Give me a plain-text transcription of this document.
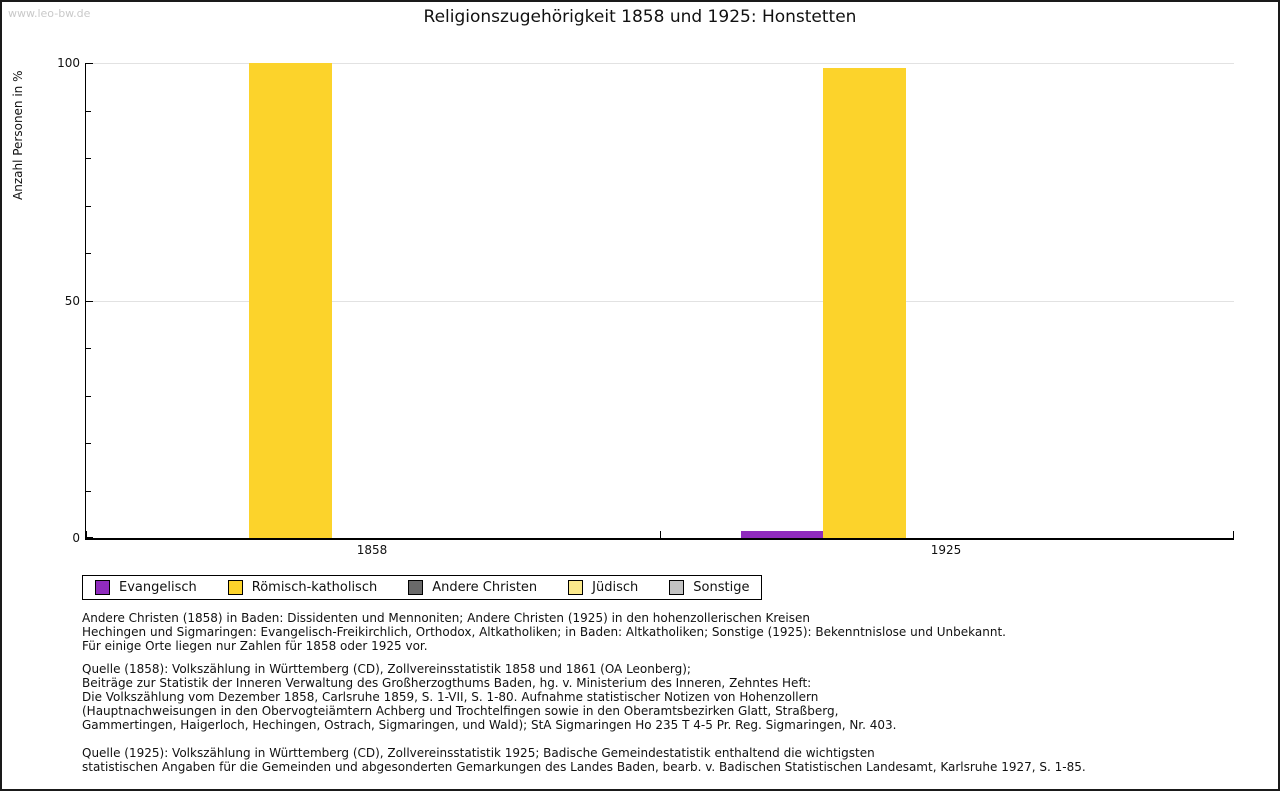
www.leo-bw.de	Religionszugehörigkeit 1858 und 1925: Honstetten
Anzahl Personen in %
0
50
100
1858	1925
Evangelisch	Römisch-katholisch	Andere Christen	Jüdisch	Sonstige
Andere Christen (1858) in Baden: Dissidenten und Mennoniten; Andere Christen (1925) in den hohenzollerischen Kreisen
Hechingen und Sigmaringen: Evangelisch-Freikirchlich, Orthodox, Altkatholiken; in Baden: Altkatholiken; Sonstige (1925): Bekenntnislose und Unbekannt.
Für einige Orte liegen nur Zahlen für 1858 oder 1925 vor.
Quelle (1858): Volkszählung in Württemberg (CD), Zollvereinsstatistik 1858 und 1861 (OA Leonberg);
Beiträge zur Statistik der Inneren Verwaltung des Großherzogthums Baden, hg. v. Ministerium des Inneren, Zehntes Heft:
Die Volkszählung vom Dezember 1858, Carlsruhe 1859, S. 1-VII, S. 1-80. Aufnahme statistischer Notizen von Hohenzollern
(Hauptnachweisungen in den Obervogteiämtern Achberg und Trochtelfingen sowie in den Oberamtsbezirken Glatt, Straßberg,
Gammertingen, Haigerloch, Hechingen, Ostrach, Sigmaringen, und Wald); StA Sigmaringen Ho 235 T 4-5 Pr. Reg. Sigmaringen, Nr. 403.
Quelle (1925): Volkszählung in Württemberg (CD), Zollvereinsstatistik 1925; Badische Gemeindestatistik enthaltend die wichtigsten
statistischen Angaben für die Gemeinden und abgesonderten Gemarkungen des Landes Baden, bearb. v. Badischen Statistischen Landesamt, Karlsruhe 1927, S. 1-85.
